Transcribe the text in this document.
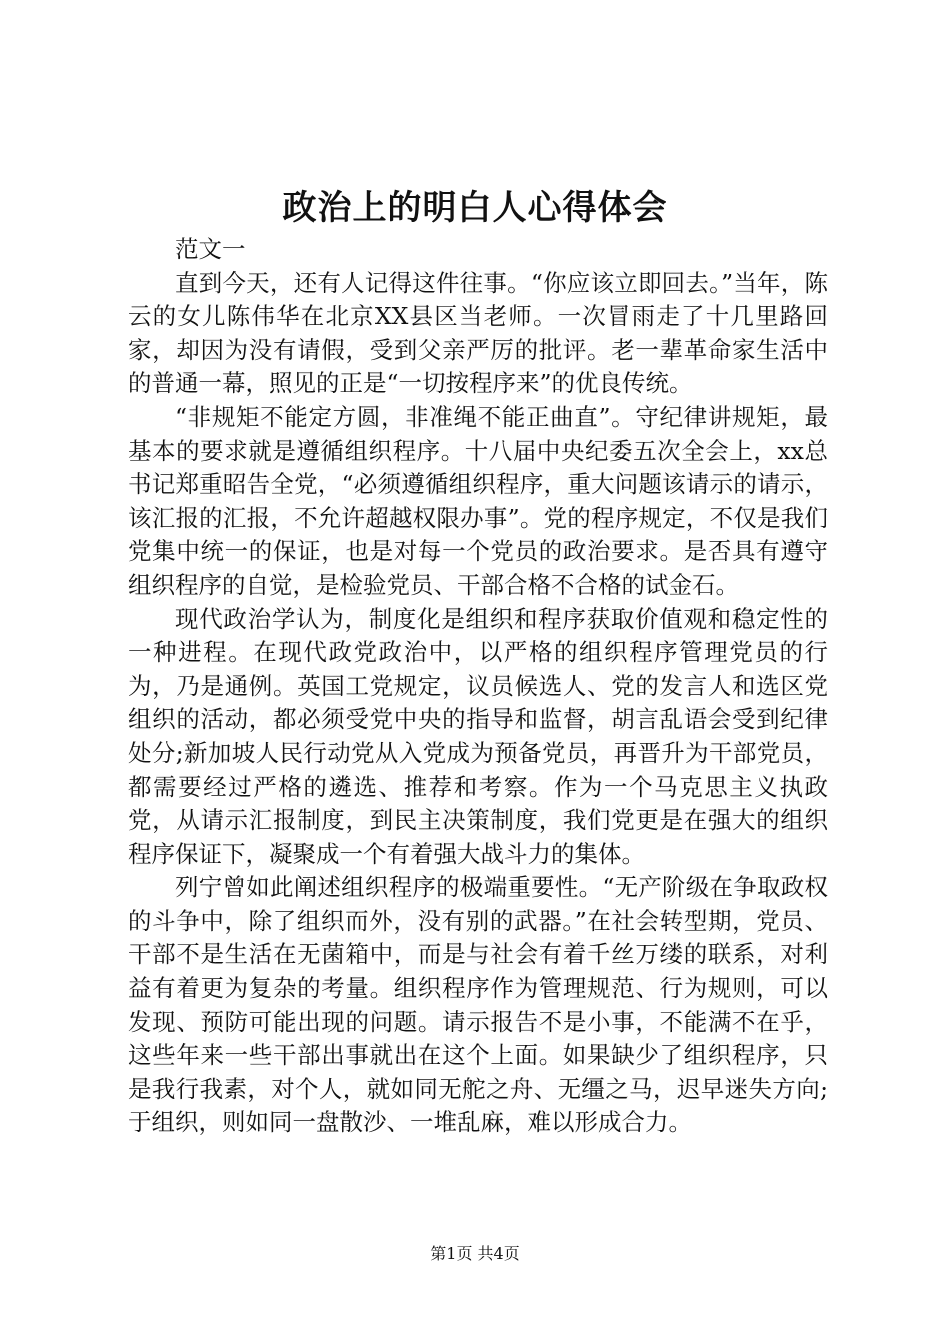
政治上的明白人心得体会

范文一

直到今天，还有人记得这件往事。“你应该立即回去。”当年，陈云的女儿陈伟华在北京XX县区当老师。一次冒雨走了十几里路回家，却因为没有请假，受到父亲严厉的批评。老一辈革命家生活中的普通一幕，照见的正是“一切按程序来”的优良传统。

“非规矩不能定方圆，非准绳不能正曲直”。守纪律讲规矩，最基本的要求就是遵循组织程序。十八届中央纪委五次全会上，xx总书记郑重昭告全党，“必须遵循组织程序，重大问题该请示的请示，该汇报的汇报，不允许超越权限办事”。党的程序规定，不仅是我们党集中统一的保证，也是对每一个党员的政治要求。是否具有遵守组织程序的自觉，是检验党员、干部合格不合格的试金石。

现代政治学认为，制度化是组织和程序获取价值观和稳定性的一种进程。在现代政党政治中，以严格的组织程序管理党员的行为，乃是通例。英国工党规定，议员候选人、党的发言人和选区党组织的活动，都必须受党中央的指导和监督，胡言乱语会受到纪律处分;新加坡人民行动党从入党成为预备党员，再晋升为干部党员，都需要经过严格的遴选、推荐和考察。作为一个马克思主义执政党，从请示汇报制度，到民主决策制度，我们党更是在强大的组织程序保证下，凝聚成一个有着强大战斗力的集体。

列宁曾如此阐述组织程序的极端重要性。“无产阶级在争取政权的斗争中，除了组织而外，没有别的武器。”在社会转型期，党员、干部不是生活在无菌箱中，而是与社会有着千丝万缕的联系，对利益有着更为复杂的考量。组织程序作为管理规范、行为规则，可以发现、预防可能出现的问题。请示报告不是小事，不能满不在乎，这些年来一些干部出事就出在这个上面。如果缺少了组织程序，只是我行我素，对个人，就如同无舵之舟、无缰之马，迟早迷失方向;于组织，则如同一盘散沙、一堆乱麻，难以形成合力。

第1页 共4页
